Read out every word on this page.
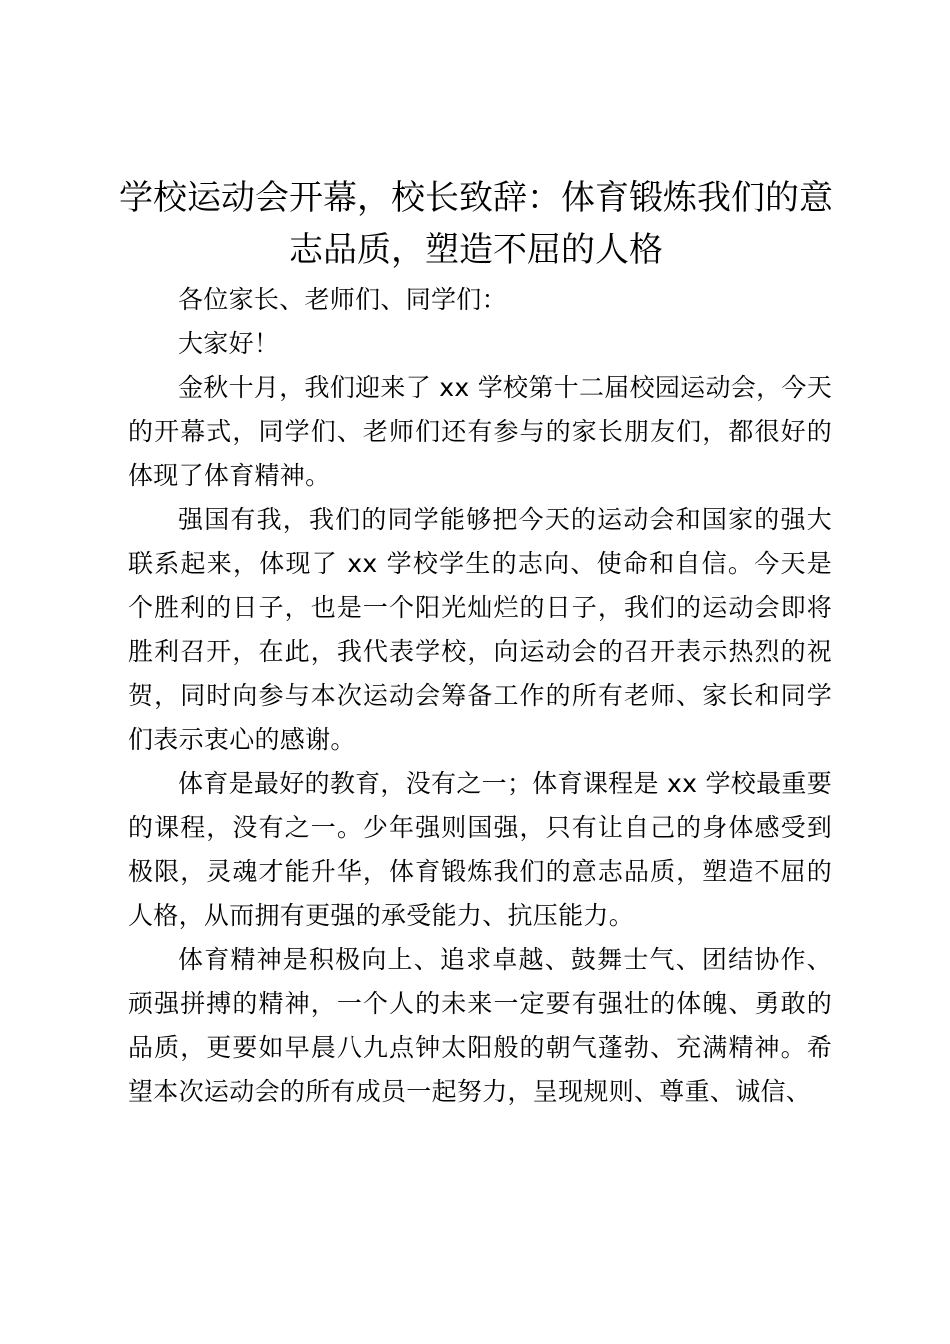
学校运动会开幕，校长致辞：体育锻炼我们的意志品质，塑造不屈的人格

各位家长、老师们、同学们：

大家好！

金秋十月，我们迎来了 xx 学校第十二届校园运动会，今天的开幕式，同学们、老师们还有参与的家长朋友们，都很好的体现了体育精神。

强国有我，我们的同学能够把今天的运动会和国家的强大联系起来，体现了 xx 学校学生的志向、使命和自信。今天是个胜利的日子，也是一个阳光灿烂的日子，我们的运动会即将胜利召开，在此，我代表学校，向运动会的召开表示热烈的祝贺，同时向参与本次运动会筹备工作的所有老师、家长和同学们表示衷心的感谢。

体育是最好的教育，没有之一；体育课程是 xx 学校最重要的课程，没有之一。少年强则国强，只有让自己的身体感受到极限，灵魂才能升华，体育锻炼我们的意志品质，塑造不屈的人格，从而拥有更强的承受能力、抗压能力。

体育精神是积极向上、追求卓越、鼓舞士气、团结协作、顽强拼搏的精神，一个人的未来一定要有强壮的体魄、勇敢的品质，更要如早晨八九点钟太阳般的朝气蓬勃、充满精神。希望本次运动会的所有成员一起努力，呈现规则、尊重、诚信、
